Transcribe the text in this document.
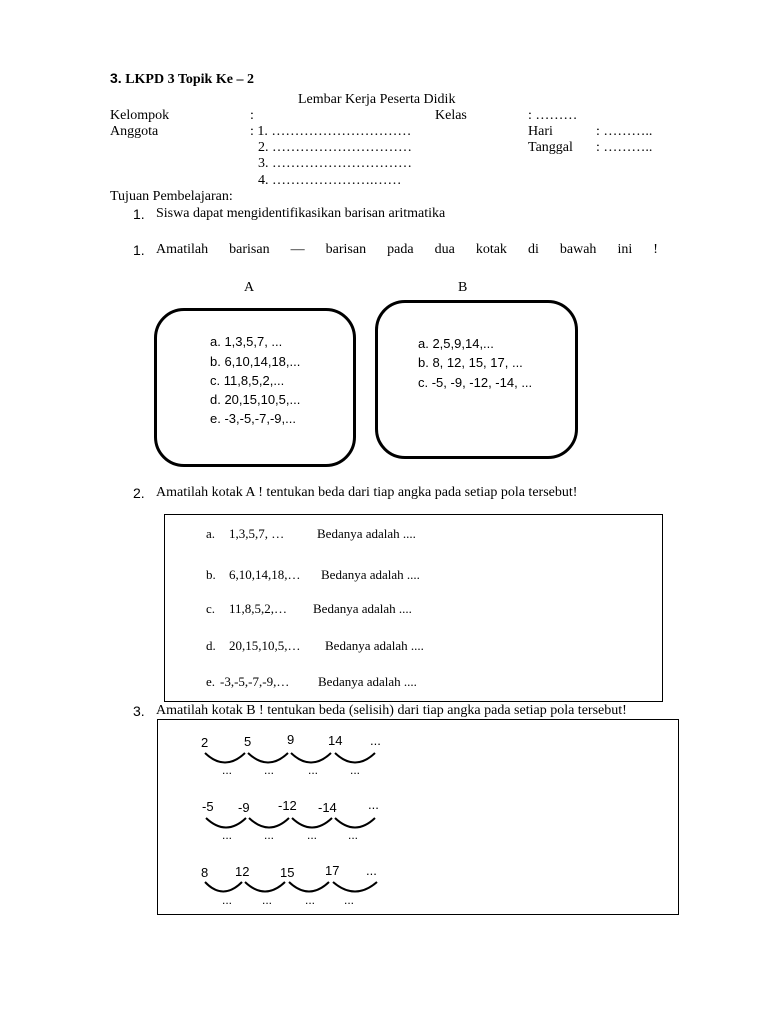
3. LKPD 3 Topik Ke – 2
Lembar Kerja Peserta Didik
Kelompok	:	Kelas	: ………
Anggota	: 1. …………………………
2. …………………………
3. …………………………
4. ………………….……
Hari	: ………..
Tanggal : ………..
Tujuan Pembelajaran:
1. Siswa dapat mengidentifikasikan barisan aritmatika
1. Amatilah barisan — barisan pada dua kotak di bawah ini !
A	B
a. 1,3,5,7, ...
b. 6,10,14,18,...
c. 11,8,5,2,...
d. 20,15,10,5,...
e. -3,-5,-7,-9,...
a. 2,5,9,14,...
b. 8, 12, 15, 17, ...
c. -5, -9, -12, -14, ...
2. Amatilah kotak A ! tentukan beda dari tiap angka pada setiap pola tersebut!
a. 1,3,5,7, …	Bedanya adalah ....
b. 6,10,14,18,… Bedanya adalah ....
c. 11,8,5,2,… Bedanya adalah ....
d. 20,15,10,5,… Bedanya adalah ....
e. -3,-5,-7,-9,… Bedanya adalah ....
3. Amatilah kotak B ! tentukan beda (selisih) dari tiap angka pada setiap pola tersebut!
2	5	9	14 ...
...	...	...	...
-5 -9 -12 -14 ...
...	...	...	...
8 12 15 17 ...
... ...	... ...
